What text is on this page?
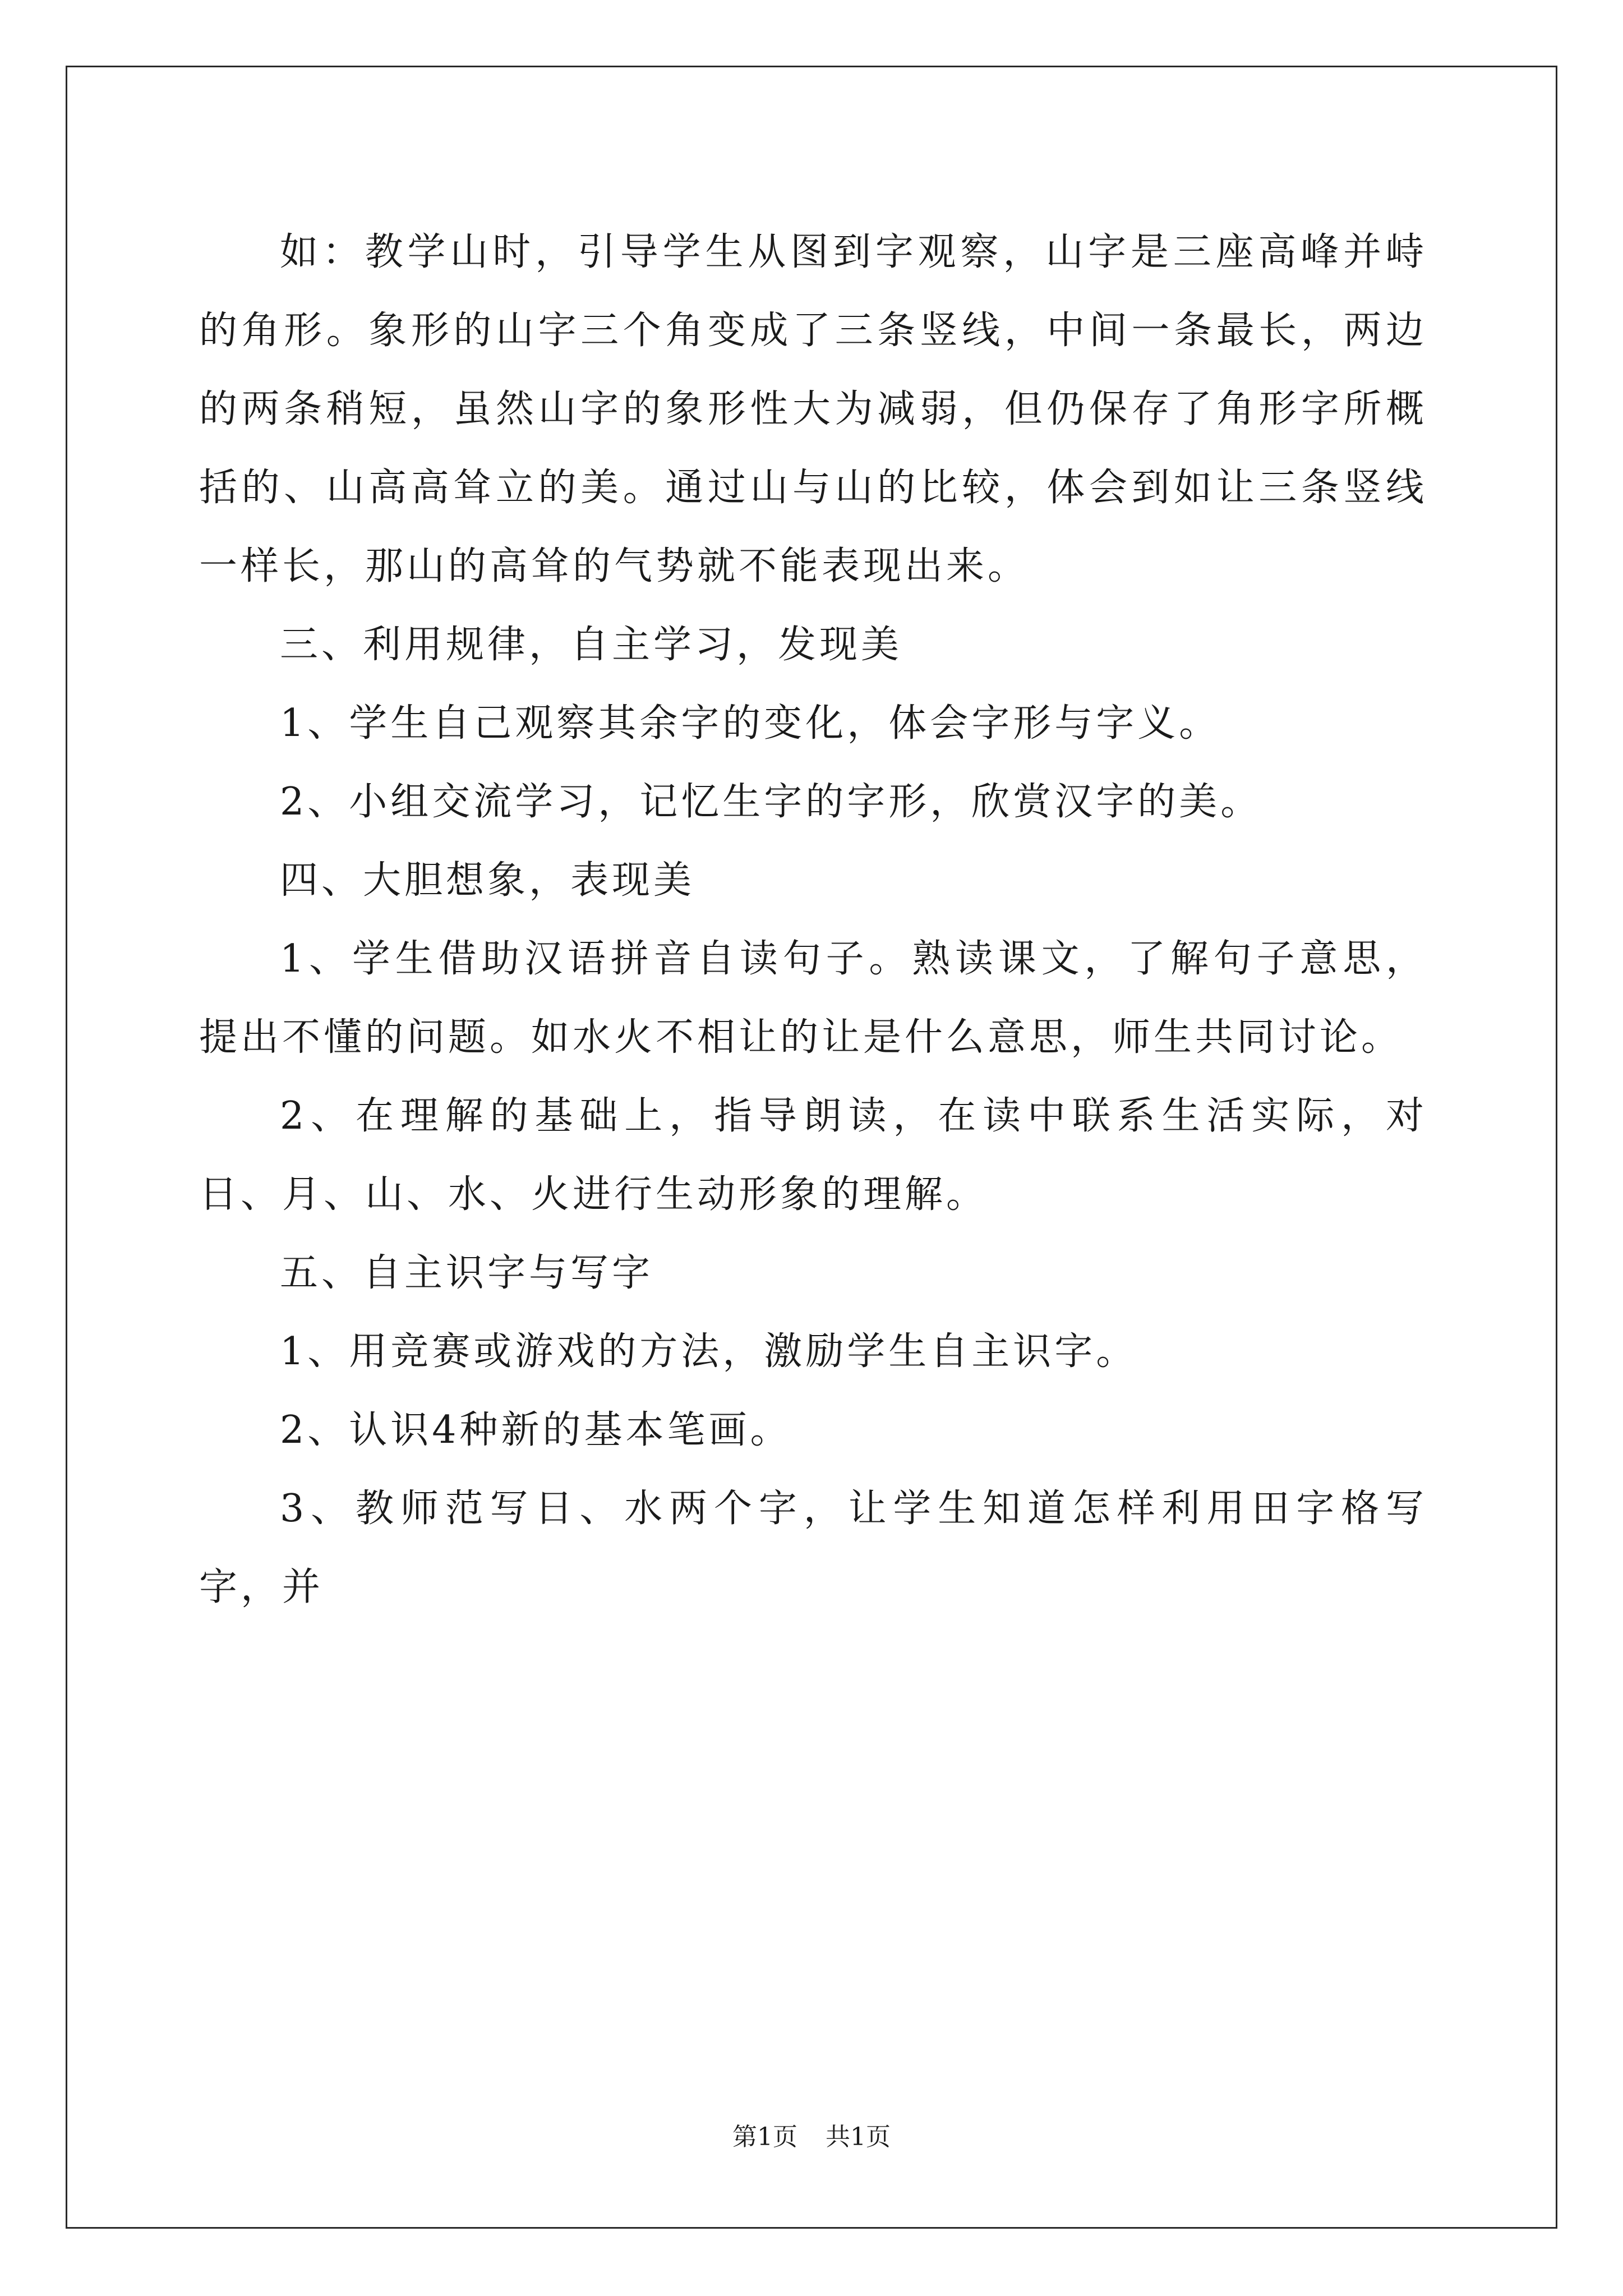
如：教学山时，引导学生从图到字观察，山字是三座高峰并峙的角形。象形的山字三个角变成了三条竖线，中间一条最长，两边的两条稍短，虽然山字的象形性大为减弱，但仍保存了角形字所概括的、山高高耸立的美。通过山与山的比较，体会到如让三条竖线一样长，那山的高耸的气势就不能表现出来。

三、利用规律，自主学习，发现美

1、学生自己观察其余字的变化，体会字形与字义。

2、小组交流学习，记忆生字的字形，欣赏汉字的美。

四、大胆想象，表现美

1、学生借助汉语拼音自读句子。熟读课文，了解句子意思，提出不懂的问题。如水火不相让的让是什么意思，师生共同讨论。

2、在理解的基础上，指导朗读，在读中联系生活实际，对日、月、山、水、火进行生动形象的理解。

五、自主识字与写字

1、用竞赛或游戏的方法，激励学生自主识字。

2、认识4种新的基本笔画。

3、教师范写日、水两个字，让学生知道怎样利用田字格写字，并

第1页 共1页
